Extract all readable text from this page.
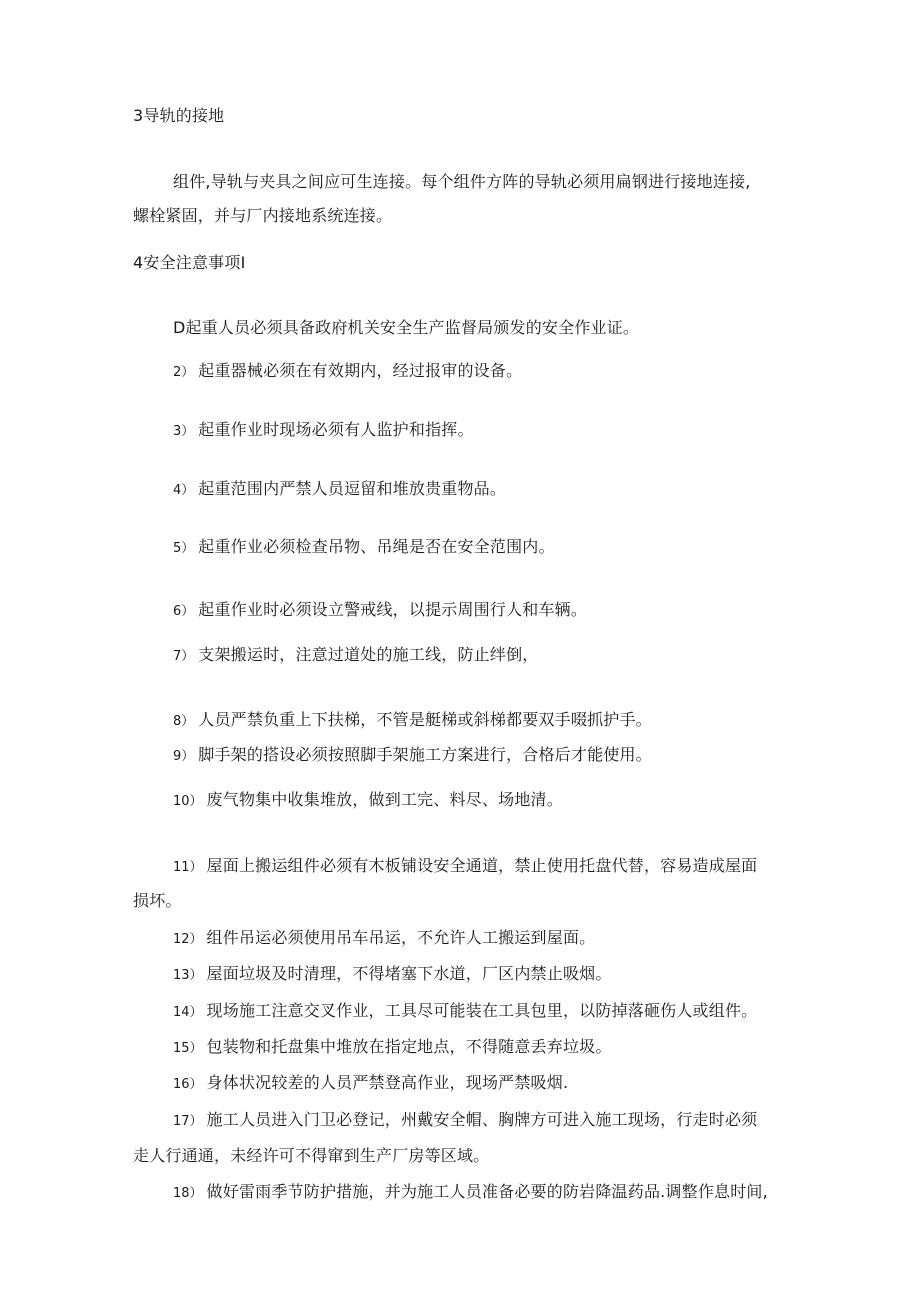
3导轨的接地
组件,导轨与夹具之间应可生连接。每个组件方阵的导轨必须用扁钢进行接地连接,
螺栓紧固，并与厂内接地系统连接。
4安全注意事项I
D起重人员必须具备政府机关安全生产监督局颁发的安全作业证。
2） 起重器械必须在有效期内，经过报审的设备。
3） 起重作业时现场必须有人监护和指挥。
4） 起重范围内严禁人员逗留和堆放贵重物品。
5） 起重作业必须检查吊物、吊绳是否在安全范围内。
6） 起重作业时必须设立警戒线，以提示周围行人和车辆。
7） 支架搬运时，注意过道处的施工线，防止绊倒，
8） 人员严禁负重上下扶梯，不管是艇梯或斜梯都要双手啜抓护手。
9） 脚手架的搭设必须按照脚手架施工方案进行，合格后才能使用。
10） 废气物集中收集堆放，做到工完、料尽、场地清。
11） 屋面上搬运组件必须有木板铺设安全通道，禁止使用托盘代替，容易造成屋面
损坏。
12） 组件吊运必须使用吊车吊运，不允许人工搬运到屋面。
13） 屋面垃圾及时清理，不得堵塞下水道，厂区内禁止吸烟。
14） 现场施工注意交叉作业，工具尽可能装在工具包里，以防掉落砸伤人或组件。
15） 包装物和托盘集中堆放在指定地点，不得随意丢弃垃圾。
16） 身体状况较差的人员严禁登高作业，现场严禁吸烟.
17） 施工人员进入门卫必登记，州戴安全帽、胸牌方可进入施工现场，行走时必须
走人行通通，未经许可不得窜到生产厂房等区域。
18） 做好雷雨季节防护措施，并为施工人员准备必要的防岩降温药品.调整作息时间,
